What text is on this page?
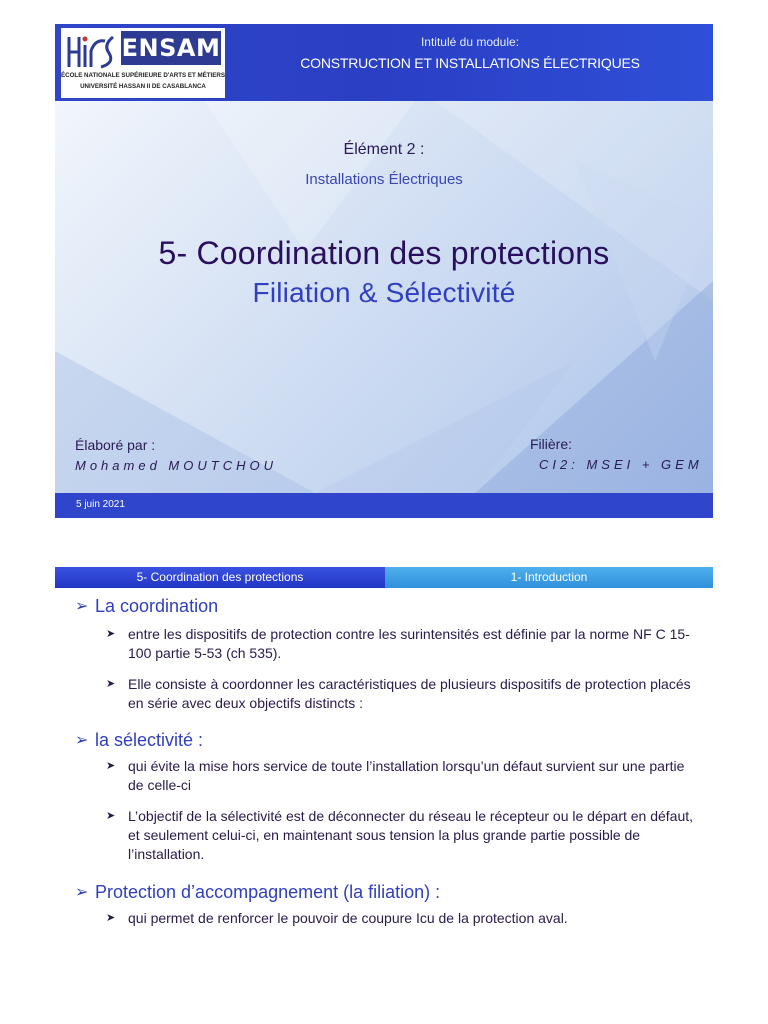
ENSAM
ÉCOLE NATIONALE SUPÉRIEURE D'ARTS ET MÉTIERS
UNIVERSITÉ HASSAN II DE CASABLANCA
Intitulé du module:
CONSTRUCTION ET INSTALLATIONS ÉLECTRIQUES
Élément 2 :
Installations Électriques
5- Coordination des protections
Filiation & Sélectivité
Élaboré par :
Mohamed MOUTCHOU
Filière:
CI2: MSEI + GEM
5 juin 2021
5- Coordination des protections	1- Introduction
➢ La coordination
➤ entre les dispositifs de protection contre les surintensités est définie par la norme NF C 15-100 partie 5-53 (ch 535).
➤ Elle consiste à coordonner les caractéristiques de plusieurs dispositifs de protection placés en série avec deux objectifs distincts :
➢ la sélectivité :
➤ qui évite la mise hors service de toute l’installation lorsqu’un défaut survient sur une partie de celle-ci
➤ L’objectif de la sélectivité est de déconnecter du réseau le récepteur ou le départ en défaut, et seulement celui-ci, en maintenant sous tension la plus grande partie possible de l’installation.
➢ Protection d’accompagnement (la filiation) :
➤ qui permet de renforcer le pouvoir de coupure Icu de la protection aval.
